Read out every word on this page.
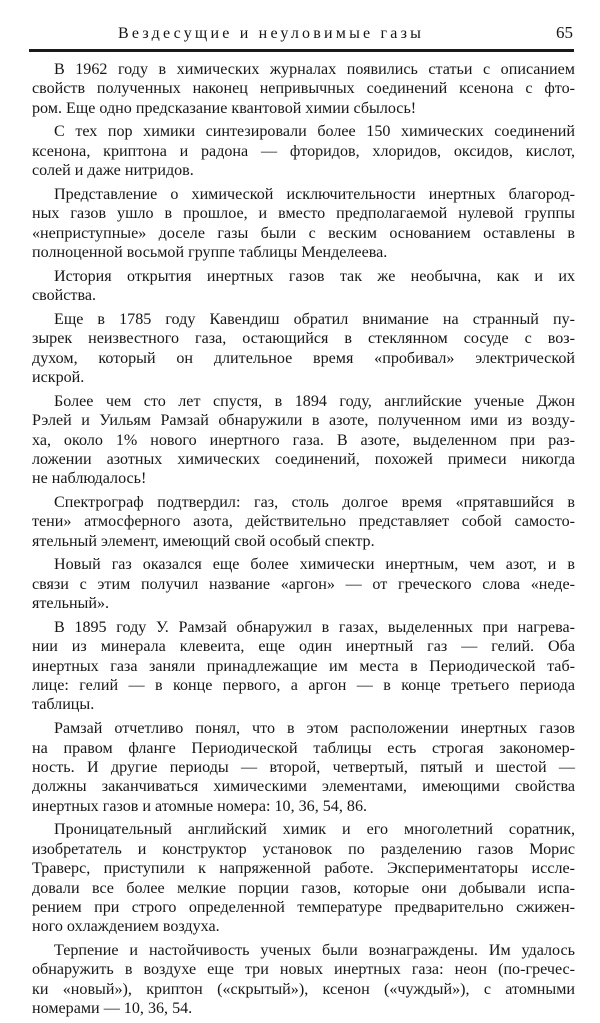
Вездесущие и неуловимые газы	65
В 1962 году в химических журналах появились статьи с описанием
свойств полученных наконец непривычных соединений ксенона с фто-
ром. Еще одно предсказание квантовой химии сбылось!
С тех пор химики синтезировали более 150 химических соединений
ксенона, криптона и радона — фторидов, хлоридов, оксидов, кислот,
солей и даже нитридов.
Представление о химической исключительности инертных благород-
ных газов ушло в прошлое, и вместо предполагаемой нулевой группы
«неприступные» доселе газы были с веским основанием оставлены в
полноценной восьмой группе таблицы Менделеева.
История открытия инертных газов так же необычна, как и их
свойства.
Еще в 1785 году Кавендиш обратил внимание на странный пу-
зырек неизвестного газа, остающийся в стеклянном сосуде с воз-
духом, который он длительное время «пробивал» электрической
искрой.
Более чем сто лет спустя, в 1894 году, английские ученые Джон
Рэлей и Уильям Рамзай обнаружили в азоте, полученном ими из возду-
ха, около 1% нового инертного газа. В азоте, выделенном при раз-
ложении азотных химических соединений, похожей примеси никогда
не наблюдалось!
Спектрограф подтвердил: газ, столь долгое время «прятавшийся в
тени» атмосферного азота, действительно представляет собой самосто-
ятельный элемент, имеющий свой особый спектр.
Новый газ оказался еще более химически инертным, чем азот, и в
связи с этим получил название «аргон» — от греческого слова «неде-
ятельный».
В 1895 году У. Рамзай обнаружил в газах, выделенных при нагрева-
нии из минерала клевеита, еще один инертный газ — гелий. Оба
инертных газа заняли принадлежащие им места в Периодической таб-
лице: гелий — в конце первого, а аргон — в конце третьего периода
таблицы.
Рамзай отчетливо понял, что в этом расположении инертных газов
на правом фланге Периодической таблицы есть строгая закономер-
ность. И другие периоды — второй, четвертый, пятый и шестой —
должны заканчиваться химическими элементами, имеющими свойства
инертных газов и атомные номера: 10, 36, 54, 86.
Проницательный английский химик и его многолетний соратник,
изобретатель и конструктор установок по разделению газов Морис
Траверс, приступили к напряженной работе. Экспериментаторы иссле-
довали все более мелкие порции газов, которые они добывали испа-
рением при строго определенной температуре предварительно сжижен-
ного охлаждением воздуха.
Терпение и настойчивость ученых были вознаграждены. Им удалось
обнаружить в воздухе еще три новых инертных газа: неон (по-гречес-
ки «новый»), криптон («скрытый»), ксенон («чуждый»), с атомными
номерами — 10, 36, 54.
